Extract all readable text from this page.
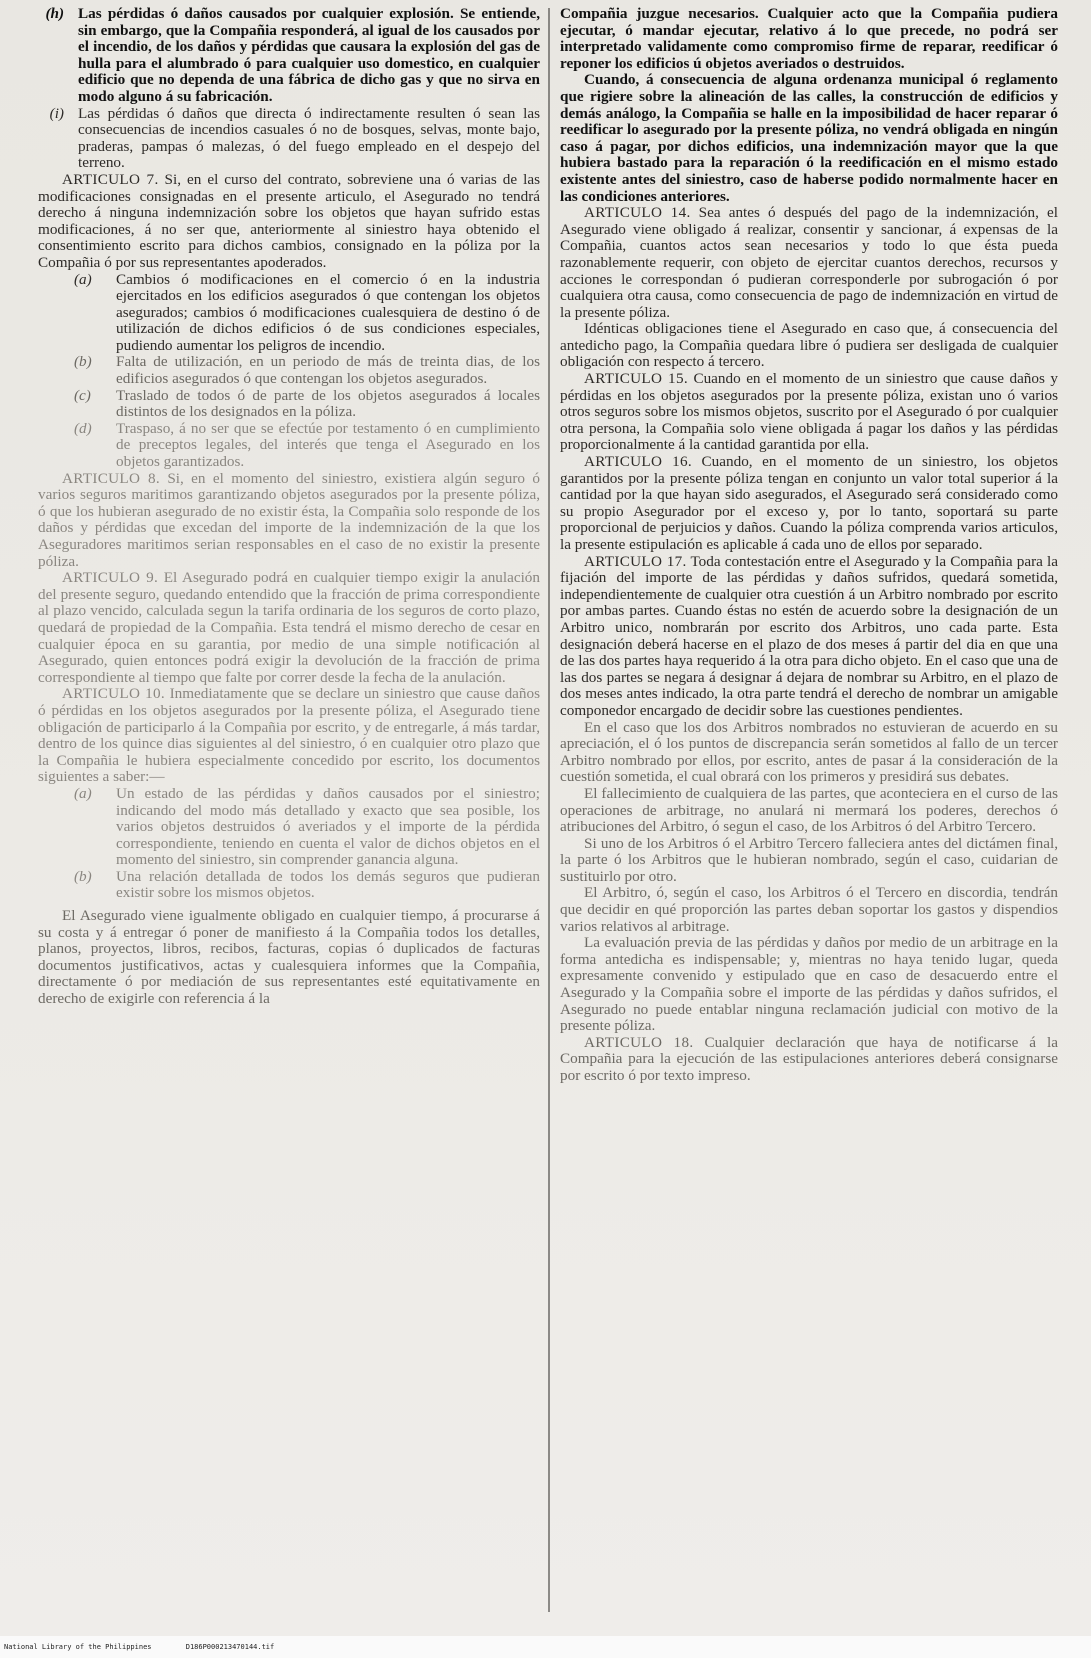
(h) Las pérdidas ó daños causados por cualquier explosión. Se entiende, sin embargo, que la Compañia responderá, al igual de los causados por el incendio, de los daños y pérdidas que causara la explosión del gas de hulla para el alumbrado ó para cualquier uso domestico, en cualquier edificio que no dependa de una fábrica de dicho gas y que no sirva en modo alguno á su fabricación.
(i) Las pérdidas ó daños que directa ó indirectamente resulten ó sean las consecuencias de incendios casuales ó no de bosques, selvas, monte bajo, praderas, pampas ó malezas, ó del fuego empleado en el despejo del terreno.

ARTICULO 7. Si, en el curso del contrato, sobreviene una ó varias de las modificaciones consignadas en el presente articulo, el Asegurado no tendrá derecho á ninguna indemnización sobre los objetos que hayan sufrido estas modificaciones, á no ser que, anteriormente al siniestro haya obtenido el consentimiento escrito para dichos cambios, consignado en la póliza por la Compañia ó por sus representantes apoderados.

(a)	Cambios ó modificaciones en el comercio ó en la industria ejercitados en los edificios asegurados ó que contengan los objetos asegurados; cambios ó modificaciones cualesquiera de destino ó de utilización de dichos edificios ó de sus condiciones especiales, pudiendo aumentar los peligros de incendio.
(b)	Falta de utilización, en un periodo de más de treinta dias, de los edificios asegurados ó que contengan los objetos asegurados.
(c)	Traslado de todos ó de parte de los objetos asegurados á locales distintos de los designados en la póliza.
(d)	Traspaso, á no ser que se efectúe por testamento ó en cumplimiento de preceptos legales, del interés que tenga el Asegurado en los objetos garantizados.

ARTICULO 8. Si, en el momento del siniestro, existiera algún seguro ó varios seguros maritimos garantizando objetos asegurados por la presente póliza, ó que los hubieran asegurado de no existir ésta, la Compañia solo responde de los daños y pérdidas que excedan del importe de la indemnización de la que los Aseguradores maritimos serian responsables en el caso de no existir la presente póliza.

ARTICULO 9. El Asegurado podrá en cualquier tiempo exigir la anulación del presente seguro, quedando entendido que la fracción de prima correspondiente al plazo vencido, calculada segun la tarifa ordinaria de los seguros de corto plazo, quedará de propiedad de la Compañia. Esta tendrá el mismo derecho de cesar en cualquier época en su garantia, por medio de una simple notificación al Asegurado, quien entonces podrá exigir la devolución de la fracción de prima correspondiente al tiempo que falte por correr desde la fecha de la anulación.

ARTICULO 10. Inmediatamente que se declare un siniestro que cause daños ó pérdidas en los objetos asegurados por la presente póliza, el Asegurado tiene obligación de participarlo á la Compañia por escrito, y de entregarle, á más tardar, dentro de los quince dias siguientes al del siniestro, ó en cualquier otro plazo que la Compañia le hubiera especialmente concedido por escrito, los documentos siguientes a saber:—

(a)	Un estado de las pérdidas y daños causados por el siniestro; indicando del modo más detallado y exacto que sea posible, los varios objetos destruidos ó averiados y el importe de la pérdida correspondiente, teniendo en cuenta el valor de dichos objetos en el momento del siniestro, sin comprender ganancia alguna.
(b)	Una relación detallada de todos los demás seguros que pudieran existir sobre los mismos objetos.

El Asegurado viene igualmente obligado en cualquier tiempo, á procurarse á su costa y á entregar ó poner de manifiesto á la Compañia todos los detalles, planos, proyectos, libros, recibos, facturas, copias ó duplicados de facturas documentos justificativos, actas y cualesquiera informes que la Compañia, directamente ó por mediación de sus representantes esté equitativamente en derecho de exigirle con referencia á la

Compañia juzgue necesarios. Cualquier acto que la Compañia pudiera ejecutar, ó mandar ejecutar, relativo á lo que precede, no podrá ser interpretado validamente como compromiso firme de reparar, reedificar ó reponer los edificios ú objetos averiados o destruidos.

Cuando, á consecuencia de alguna ordenanza municipal ó reglamento que rigiere sobre la alineación de las calles, la construcción de edificios y demás análogo, la Compañia se halle en la imposibilidad de hacer reparar ó reedificar lo asegurado por la presente póliza, no vendrá obligada en ningún caso á pagar, por dichos edificios, una indemnización mayor que la que hubiera bastado para la reparación ó la reedificación en el mismo estado existente antes del siniestro, caso de haberse podido normalmente hacer en las condiciones anteriores.

ARTICULO 14. Sea antes ó después del pago de la indemnización, el Asegurado viene obligado á realizar, consentir y sancionar, á expensas de la Compañia, cuantos actos sean necesarios y todo lo que ésta pueda razonablemente requerir, con objeto de ejercitar cuantos derechos, recursos y acciones le correspondan ó pudieran corresponderle por subrogación ó por cualquiera otra causa, como consecuencia de pago de indemnización en virtud de la presente póliza.

Idénticas obligaciones tiene el Asegurado en caso que, á consecuencia del antedicho pago, la Compañia quedara libre ó pudiera ser desligada de cualquier obligación con respecto á tercero.

ARTICULO 15. Cuando en el momento de un siniestro que cause daños y pérdidas en los objetos asegurados por la presente póliza, existan uno ó varios otros seguros sobre los mismos objetos, suscrito por el Asegurado ó por cualquier otra persona, la Compañia solo viene obligada á pagar los daños y las pérdidas proporcionalmente á la cantidad garantida por ella.

ARTICULO 16. Cuando, en el momento de un siniestro, los objetos garantidos por la presente póliza tengan en conjunto un valor total superior á la cantidad por la que hayan sido asegurados, el Asegurado será considerado como su propio Asegurador por el exceso y, por lo tanto, soportará su parte proporcional de perjuicios y daños. Cuando la póliza comprenda varios articulos, la presente estipulación es aplicable á cada uno de ellos por separado.

ARTICULO 17. Toda contestación entre el Asegurado y la Compañia para la fijación del importe de las pérdidas y daños sufridos, quedará sometida, independientemente de cualquier otra cuestión á un Arbitro nombrado por escrito por ambas partes. Cuando éstas no estén de acuerdo sobre la designación de un Arbitro unico, nombrarán por escrito dos Arbitros, uno cada parte. Esta designación deberá hacerse en el plazo de dos meses á partir del dia en que una de las dos partes haya requerido á la otra para dicho objeto. En el caso que una de las dos partes se negara á designar á dejara de nombrar su Arbitro, en el plazo de dos meses antes indicado, la otra parte tendrá el derecho de nombrar un amigable componedor encargado de decidir sobre las cuestiones pendientes.

En el caso que los dos Arbitros nombrados no estuvieran de acuerdo en su apreciación, el ó los puntos de discrepancia serán sometidos al fallo de un tercer Arbitro nombrado por ellos, por escrito, antes de pasar á la consideración de la cuestión sometida, el cual obrará con los primeros y presidirá sus debates.

El fallecimiento de cualquiera de las partes, que aconteciera en el curso de las operaciones de arbitrage, no anulará ni mermará los poderes, derechos ó atribuciones del Arbitro, ó segun el caso, de los Arbitros ó del Arbitro Tercero.

Si uno de los Arbitros ó el Arbitro Tercero falleciera antes del dictámen final, la parte ó los Arbitros que le hubieran nombrado, según el caso, cuidarian de sustituirlo por otro.

El Arbitro, ó, según el caso, los Arbitros ó el Tercero en discordia, tendrán que decidir en qué proporción las partes deban soportar los gastos y dispendios varios relativos al arbitrage.

La evaluación previa de las pérdidas y daños por medio de un arbitrage en la forma antedicha es indispensable; y, mientras no haya tenido lugar, queda expresamente convenido y estipulado que en caso de desacuerdo entre el Asegurado y la Compañia sobre el importe de las pérdidas y daños sufridos, el Asegurado no puede entablar ninguna reclamación judicial con motivo de la presente póliza.

ARTICULO 18. Cualquier declaración que haya de notificarse á la Compañia para la ejecución de las estipulaciones anteriores deberá consignarse por escrito ó por texto impreso.

National Library of the Philippines	D186P000213470144.tif
